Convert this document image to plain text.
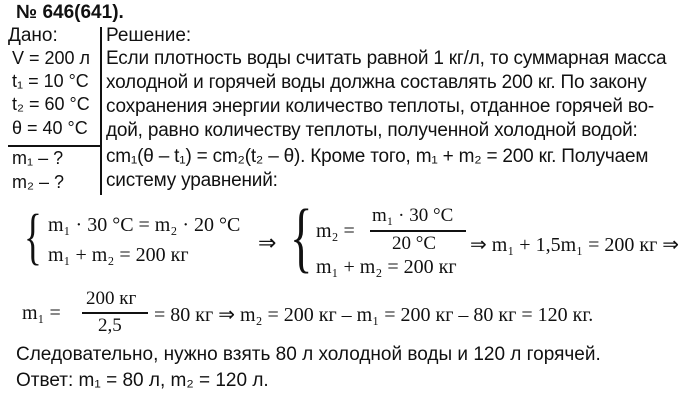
№ 646(641).
Дано:	Решение:
V = 200 л
t₁ = 10 °С
t₂ = 60 °С
θ = 40 °С
m₁ – ?
m₂ – ?
Если плотность воды считать равной 1 кг/л, то суммарная масса
холодной и горячей воды должна составлять 200 кг. По закону
сохранения энергии количество теплоты, отданное горячей во-
дой, равно количеству теплоты, полученной холодной водой:
cm₁(θ – t₁) = cm₂(t₂ – θ). Кроме того, m₁ + m₂ = 200 кг. Получаем
систему уравнений:
{ m₁ · 30 °С = m₂ · 20 °С
m₁ + m₂ = 200 кг	⇒ { m₂ =
m₁ · 30 °С
20 °С
m₁ + m₂ = 200 кг
⇒ m₁ + 1,5m₁ = 200 кг ⇒
m₁ =
200 кг
2,5 = 80 кг ⇒ m₂ = 200 кг – m₁ = 200 кг – 80 кг = 120 кг.
Следовательно, нужно взять 80 л холодной воды и 120 л горячей.
Ответ: m₁ = 80 л, m₂ = 120 л.
